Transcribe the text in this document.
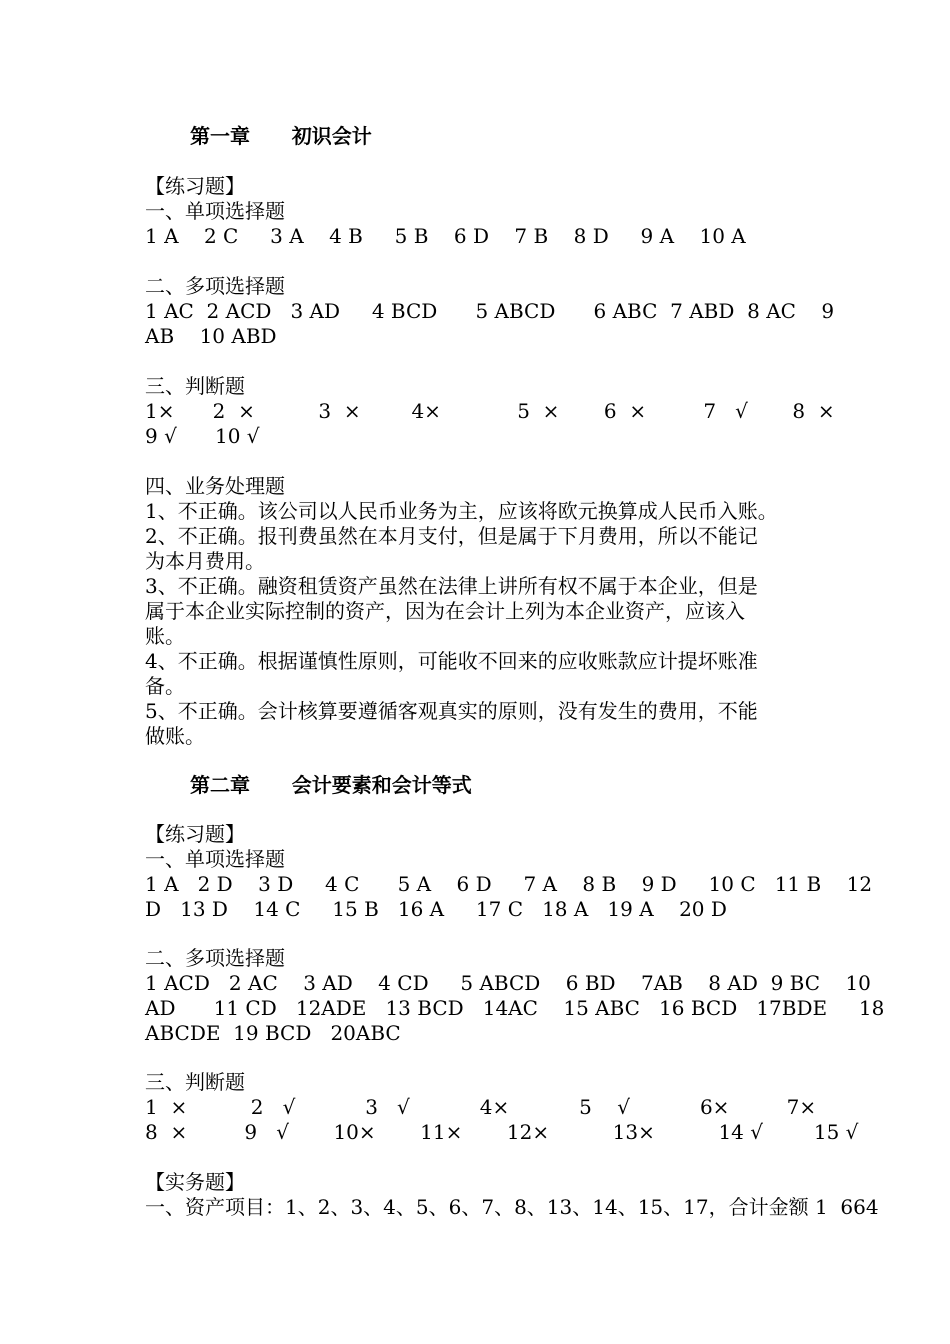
第一章      初识会计
【练习题】
一、单项选择题
1 A    2 C     3 A    4 B     5 B    6 D    7 B    8 D     9 A    10 A
二、多项选择题
1 AC  2 ACD   3 AD     4 BCD      5 ABCD      6 ABC  7 ABD  8 AC    9
AB    10 ABD
三、判断题
1×      2  ×          3  ×        4×            5  ×       6  ×         7   √       8  ×
9 √      10 √
四、业务处理题
1、不正确。该公司以人民币业务为主，应该将欧元换算成人民币入账。
2、不正确。报刊费虽然在本月支付，但是属于下月费用，所以不能记
为本月费用。
3、不正确。融资租赁资产虽然在法律上讲所有权不属于本企业，但是
属于本企业实际控制的资产，因为在会计上列为本企业资产，应该入
账。
4、不正确。根据谨慎性原则，可能收不回来的应收账款应计提坏账准
备。
5、不正确。会计核算要遵循客观真实的原则，没有发生的费用，不能
做账。
第二章      会计要素和会计等式
【练习题】
一、单项选择题
1 A   2 D    3 D     4 C      5 A    6 D     7 A    8 B    9 D     10 C   11 B    12
D   13 D    14 C     15 B   16 A     17 C   18 A   19 A    20 D
二、多项选择题
1 ACD   2 AC    3 AD    4 CD     5 ABCD    6 BD    7AB    8 AD  9 BC    10
AD      11 CD   12ADE   13 BCD   14AC    15 ABC   16 BCD   17BDE     18
ABCDE  19 BCD   20ABC
三、判断题
1  ×          2   √           3   √           4×           5    √           6×         7×
8  ×         9   √       10×       11×       12×          13×          14 √        15 √
【实务题】
一、资产项目：1、2、3、4、5、6、7、8、13、14、15、17，合计金额 1  664
